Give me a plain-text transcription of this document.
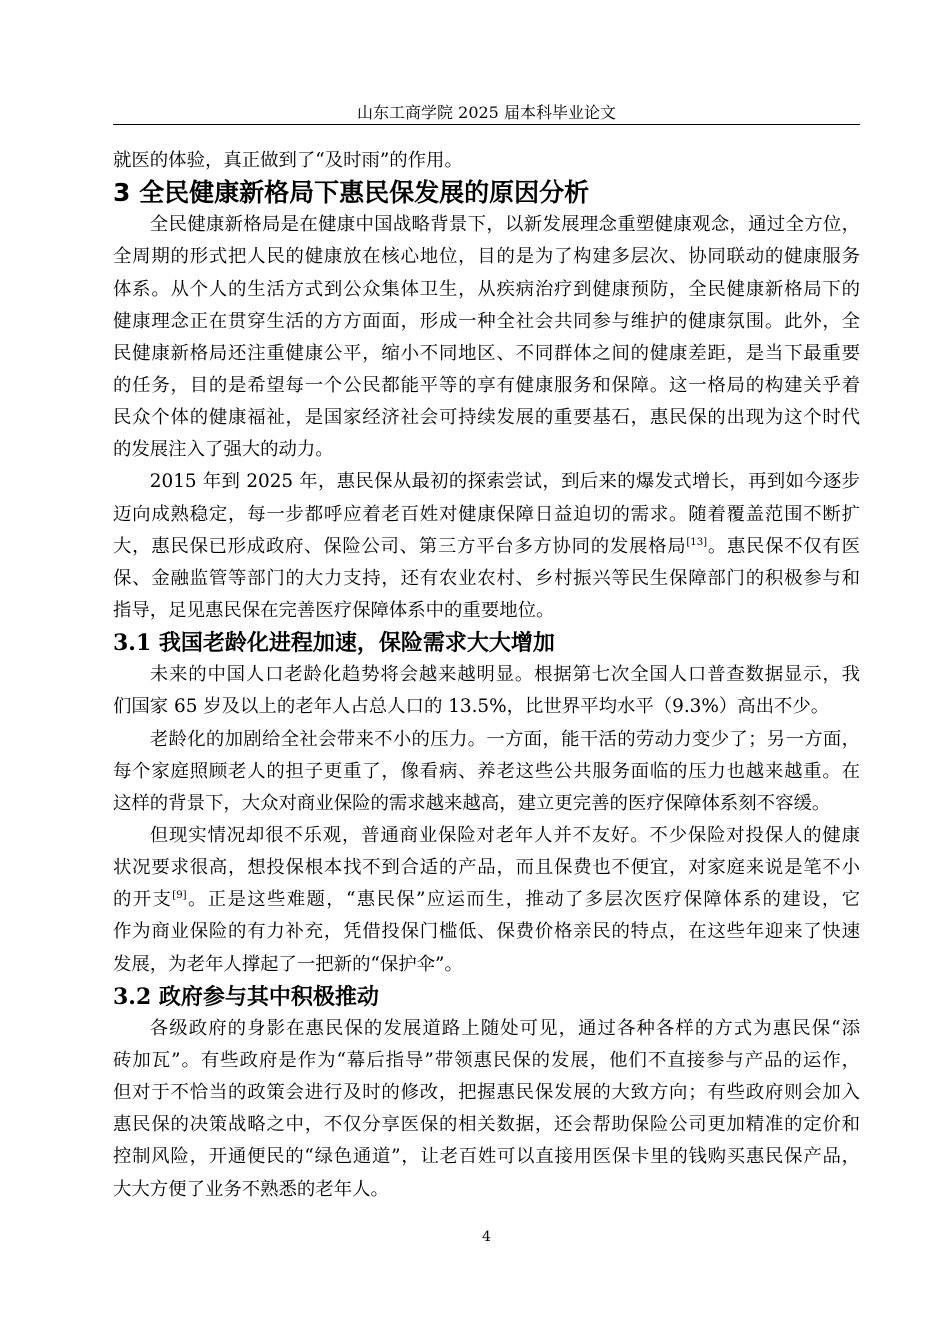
山东工商学院 2025 届本科毕业论文
就医的体验，真正做到了“及时雨”的作用。
3 全民健康新格局下惠民保发展的原因分析
全民健康新格局是在健康中国战略背景下，以新发展理念重塑健康观念，通过全方位，
全周期的形式把人民的健康放在核心地位，目的是为了构建多层次、协同联动的健康服务
体系。从个人的生活方式到公众集体卫生，从疾病治疗到健康预防，全民健康新格局下的
健康理念正在贯穿生活的方方面面，形成一种全社会共同参与维护的健康氛围。此外，全
民健康新格局还注重健康公平，缩小不同地区、不同群体之间的健康差距，是当下最重要
的任务，目的是希望每一个公民都能平等的享有健康服务和保障。这一格局的构建关乎着
民众个体的健康福祉，是国家经济社会可持续发展的重要基石，惠民保的出现为这个时代
的发展注入了强大的动力。
2015 年到 2025 年，惠民保从最初的探索尝试，到后来的爆发式增长，再到如今逐步
迈向成熟稳定，每一步都呼应着老百姓对健康保障日益迫切的需求。随着覆盖范围不断扩
大，惠民保已形成政府、保险公司、第三方平台多方协同的发展格局[13]。惠民保不仅有医
保、金融监管等部门的大力支持，还有农业农村、乡村振兴等民生保障部门的积极参与和
指导，足见惠民保在完善医疗保障体系中的重要地位。
3.1 我国老龄化进程加速，保险需求大大增加
未来的中国人口老龄化趋势将会越来越明显。根据第七次全国人口普查数据显示，我
们国家 65 岁及以上的老年人占总人口的 13.5%，比世界平均水平（9.3%）高出不少。
老龄化的加剧给全社会带来不小的压力。一方面，能干活的劳动力变少了；另一方面，
每个家庭照顾老人的担子更重了，像看病、养老这些公共服务面临的压力也越来越重。在
这样的背景下，大众对商业保险的需求越来越高，建立更完善的医疗保障体系刻不容缓。
但现实情况却很不乐观，普通商业保险对老年人并不友好。不少保险对投保人的健康
状况要求很高，想投保根本找不到合适的产品，而且保费也不便宜，对家庭来说是笔不小
的开支[9]。正是这些难题，“惠民保”应运而生，推动了多层次医疗保障体系的建设，它
作为商业保险的有力补充，凭借投保门槛低、保费价格亲民的特点，在这些年迎来了快速
发展，为老年人撑起了一把新的“保护伞”。
3.2 政府参与其中积极推动
各级政府的身影在惠民保的发展道路上随处可见，通过各种各样的方式为惠民保“添
砖加瓦”。有些政府是作为“幕后指导”带领惠民保的发展，他们不直接参与产品的运作，
但对于不恰当的政策会进行及时的修改，把握惠民保发展的大致方向；有些政府则会加入
惠民保的决策战略之中，不仅分享医保的相关数据，还会帮助保险公司更加精准的定价和
控制风险，开通便民的“绿色通道”，让老百姓可以直接用医保卡里的钱购买惠民保产品，
大大方便了业务不熟悉的老年人。
4
